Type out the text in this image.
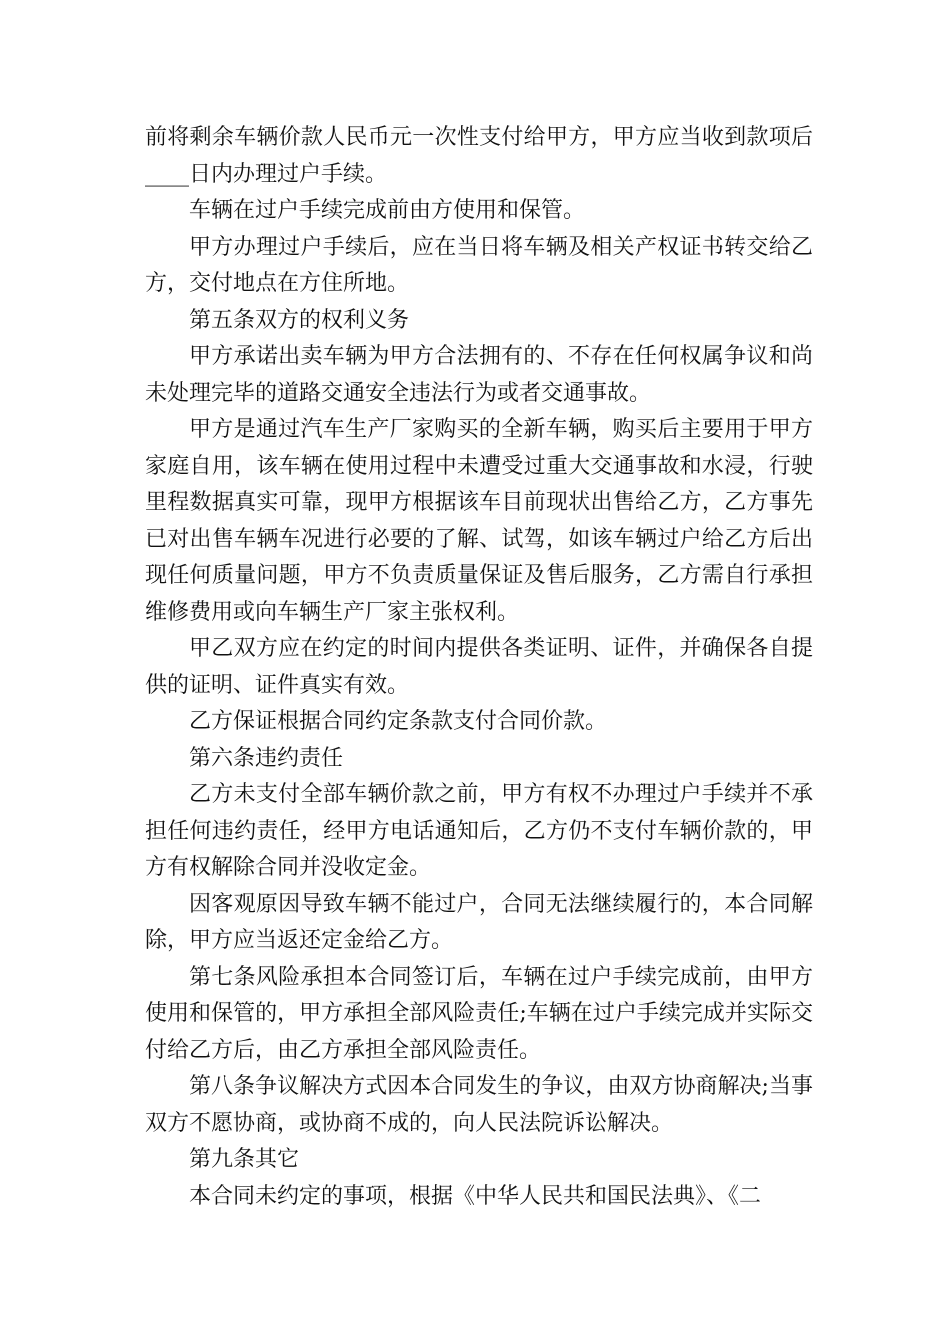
前将剩余车辆价款人民币元一次性支付给甲方，甲方应当收到款项后____日内办理过户手续。

车辆在过户手续完成前由方使用和保管。

甲方办理过户手续后，应在当日将车辆及相关产权证书转交给乙方，交付地点在方住所地。

第五条双方的权利义务

甲方承诺出卖车辆为甲方合法拥有的、不存在任何权属争议和尚未处理完毕的道路交通安全违法行为或者交通事故。

甲方是通过汽车生产厂家购买的全新车辆，购买后主要用于甲方家庭自用，该车辆在使用过程中未遭受过重大交通事故和水浸，行驶里程数据真实可靠，现甲方根据该车目前现状出售给乙方，乙方事先已对出售车辆车况进行必要的了解、试驾，如该车辆过户给乙方后出现任何质量问题，甲方不负责质量保证及售后服务，乙方需自行承担维修费用或向车辆生产厂家主张权利。

甲乙双方应在约定的时间内提供各类证明、证件，并确保各自提供的证明、证件真实有效。

乙方保证根据合同约定条款支付合同价款。

第六条违约责任

乙方未支付全部车辆价款之前，甲方有权不办理过户手续并不承担任何违约责任，经甲方电话通知后，乙方仍不支付车辆价款的，甲方有权解除合同并没收定金。

因客观原因导致车辆不能过户，合同无法继续履行的，本合同解除，甲方应当返还定金给乙方。

第七条风险承担本合同签订后，车辆在过户手续完成前，由甲方使用和保管的，甲方承担全部风险责任;车辆在过户手续完成并实际交付给乙方后，由乙方承担全部风险责任。

第八条争议解决方式因本合同发生的争议，由双方协商解决;当事双方不愿协商，或协商不成的，向人民法院诉讼解决。

第九条其它

本合同未约定的事项，根据《中华人民共和国民法典》、《二
